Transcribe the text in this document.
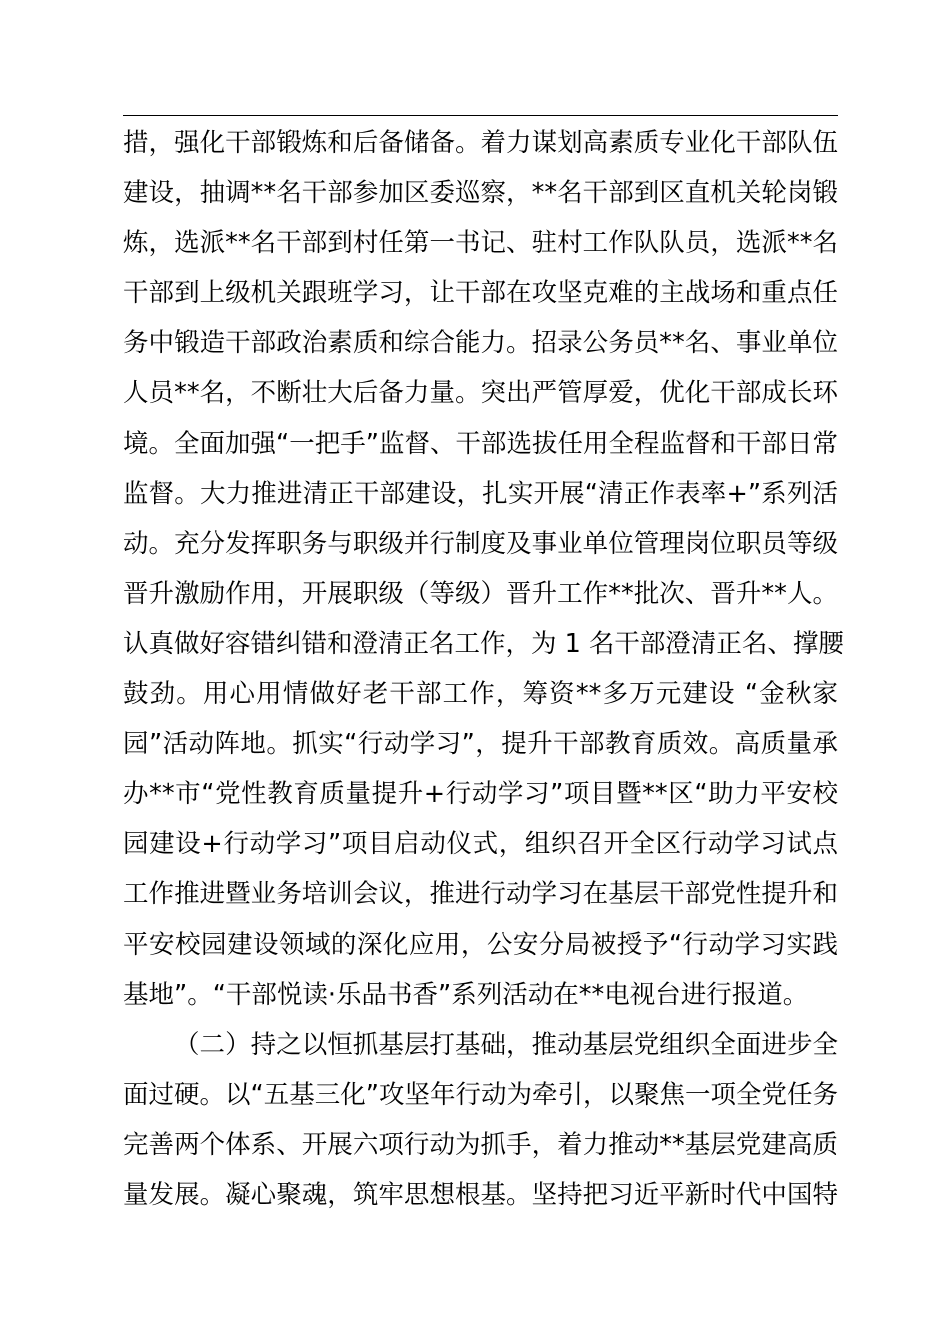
措，强化干部锻炼和后备储备。着力谋划高素质专业化干部队伍
建设，抽调**名干部参加区委巡察，**名干部到区直机关轮岗锻
炼，选派**名干部到村任第一书记、驻村工作队队员，选派**名
干部到上级机关跟班学习，让干部在攻坚克难的主战场和重点任
务中锻造干部政治素质和综合能力。招录公务员**名、事业单位
人员**名，不断壮大后备力量。突出严管厚爱，优化干部成长环
境。全面加强“一把手”监督、干部选拔任用全程监督和干部日常
监督。大力推进清正干部建设，扎实开展“清正作表率+”系列活
动。充分发挥职务与职级并行制度及事业单位管理岗位职员等级
晋升激励作用，开展职级（等级）晋升工作**批次、晋升**人。
认真做好容错纠错和澄清正名工作，为 1 名干部澄清正名、撑腰
鼓劲。用心用情做好老干部工作，筹资**多万元建设 “金秋家
园”活动阵地。抓实“行动学习”，提升干部教育质效。高质量承
办**市“党性教育质量提升+行动学习”项目暨**区“助力平安校
园建设+行动学习”项目启动仪式，组织召开全区行动学习试点
工作推进暨业务培训会议，推进行动学习在基层干部党性提升和
平安校园建设领域的深化应用，公安分局被授予“行动学习实践
基地”。“干部悦读·乐品书香”系列活动在**电视台进行报道。
（二）持之以恒抓基层打基础，推动基层党组织全面进步全
面过硬。以“五基三化”攻坚年行动为牵引，以聚焦一项全党任务
完善两个体系、开展六项行动为抓手，着力推动**基层党建高质
量发展。凝心聚魂，筑牢思想根基。坚持把习近平新时代中国特
